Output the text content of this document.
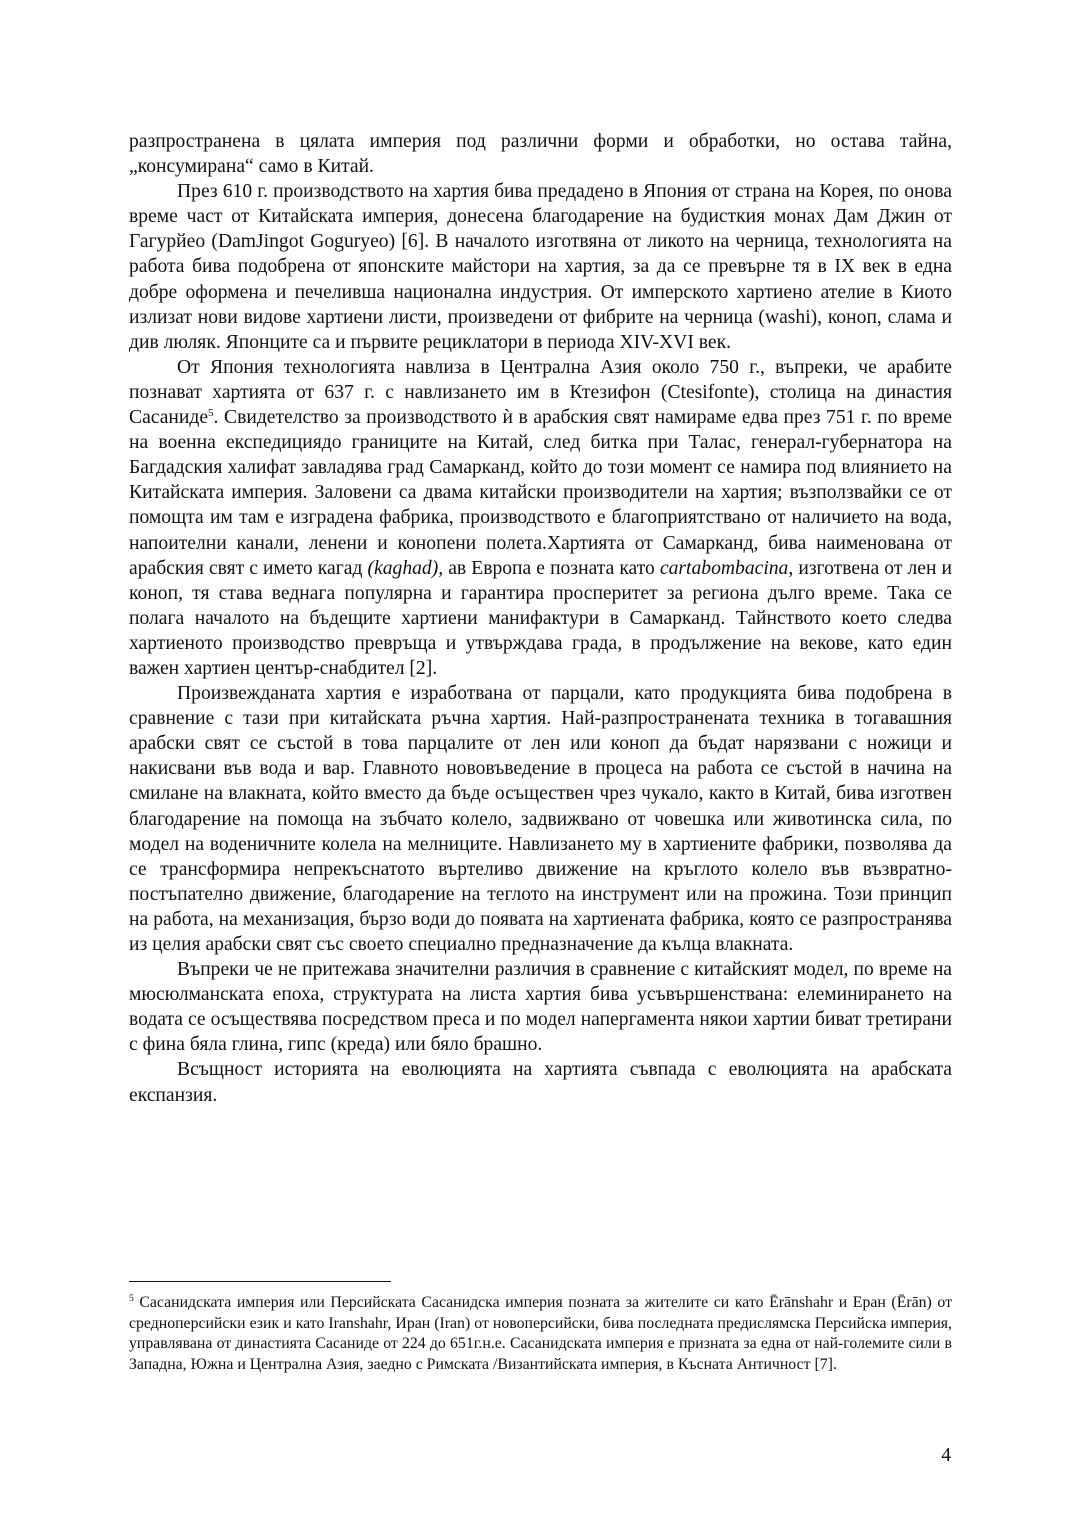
разпространена в цялата империя под различни форми и обработки, но остава тайна, „консумирана“ само в Китай.

През 610 г. производството на хартия бива предадено в Япония от страна на Корея, по онова време част от Китайската империя, донесена благодарение на будисткия монах Дам Джин от Гагурйео (DamJingot Goguryeo) [6]. В началото изготвяна от ликото на черница, технологията на работа бива подобрена от японските майстори на хартия, за да се превърне тя в IX век в една добре оформена и печелившa национална индустрия. От имперското хартиено ателие в Киото излизат нови видове хартиени листи, произведени от фибрите на черница (washi), коноп, слама и див люляк. Японците са и първите рециклатори в периода XIV-XVI век.

От Япония технологията навлиза в Централна Азия около 750 г., въпреки, че арабите познават хартията от 637 г. с навлизането им в Ктезифон (Ctesifonte), столица на династия Сасаниде$^5$. Свидетелство за производството ѝ в арабския свят намираме едва през 751 г. по време на военна експедициядо границите на Китай, след битка при Талас, генерал-губернатора на Багдадския халифат завладява град Самарканд, който до този момент се намира под влиянието на Китайската империя. Заловени са двама китайски производители на хартия; възползвайки се от помощта им там е изградена фабрика, производството е благоприятствано от наличието на вода, напоителни канали, ленени и конопени полета.Хартията от Самарканд, бива наименована от арабския свят с името кагад (kaghad), ав Европа е позната като cartabombacina, изготвена от лен и коноп, тя става веднага популярна и гарантира просперитет за региона дълго време. Така се полага началото на бъдещите хартиени манифактури в Самарканд. Тайнството което следва хартиеното производство превръща и утвърждава града, в продължение на векове, като един важен хартиен център-снабдител [2].

Произвежданата хартия е изработвана от парцали, като продукцията бива подобрена в сравнение с тази при китайската ръчна хартия. Най-разпространената техника в тогавашния арабски свят се състой в това парцалите от лен или коноп да бъдат нарязвани с ножици и накисвани във вода и вар. Главното нововъведение в процеса на работа се състой в начина на смилане на влакната, който вместо да бъде осъществен чрез чукало, както в Китай, бива изготвен благодарение на помоща на зъбчато колело, задвижвано от човешка или животинска сила, по модел на воденичните колела на мелниците. Навлизането му в хартиените фабрики, позволява да се трансформира непрекъснатото въртеливо движение на кръглото колело във възвратно-постъпателно движение, благодарение на теглото на инструмент или на прожина. Този принцип на работа, на механизация, бързо води до появата на хартиената фабрика, която се разпространява из целия арабски свят със своето специално предназначение да кълца влакната.

Въпреки че не притежава значителни различия в сравнение с китайският модел, по време на мюсюлманската епоха, структурата на листа хартия бива усъвършенствана: елеминирането на водата се осъществява посредством преса и по модел напергамента някои хартии биват третирани с фина бяла глина, гипс (креда) или бяло брашно.

Всъщност историята на еволюцията на хартията съвпада с еволюцията на арабската експанзия.

$^5$ Сасанидската империя или Персийската Сасанидска империя позната за жителите си като Ērānshahr и Еран (Ērān) от средноперсийски език и като Iranshahr, Иран (Iran) от новоперсийски, бива последната предислямска Персийска империя, управлявана от династията Сасаниде от 224 до 651г.н.е. Сасанидската империя е призната за една от най-големите сили в Западна, Южна и Централна Азия, заедно с Римската /Византийската империя, в Късната Античност [7].

4
